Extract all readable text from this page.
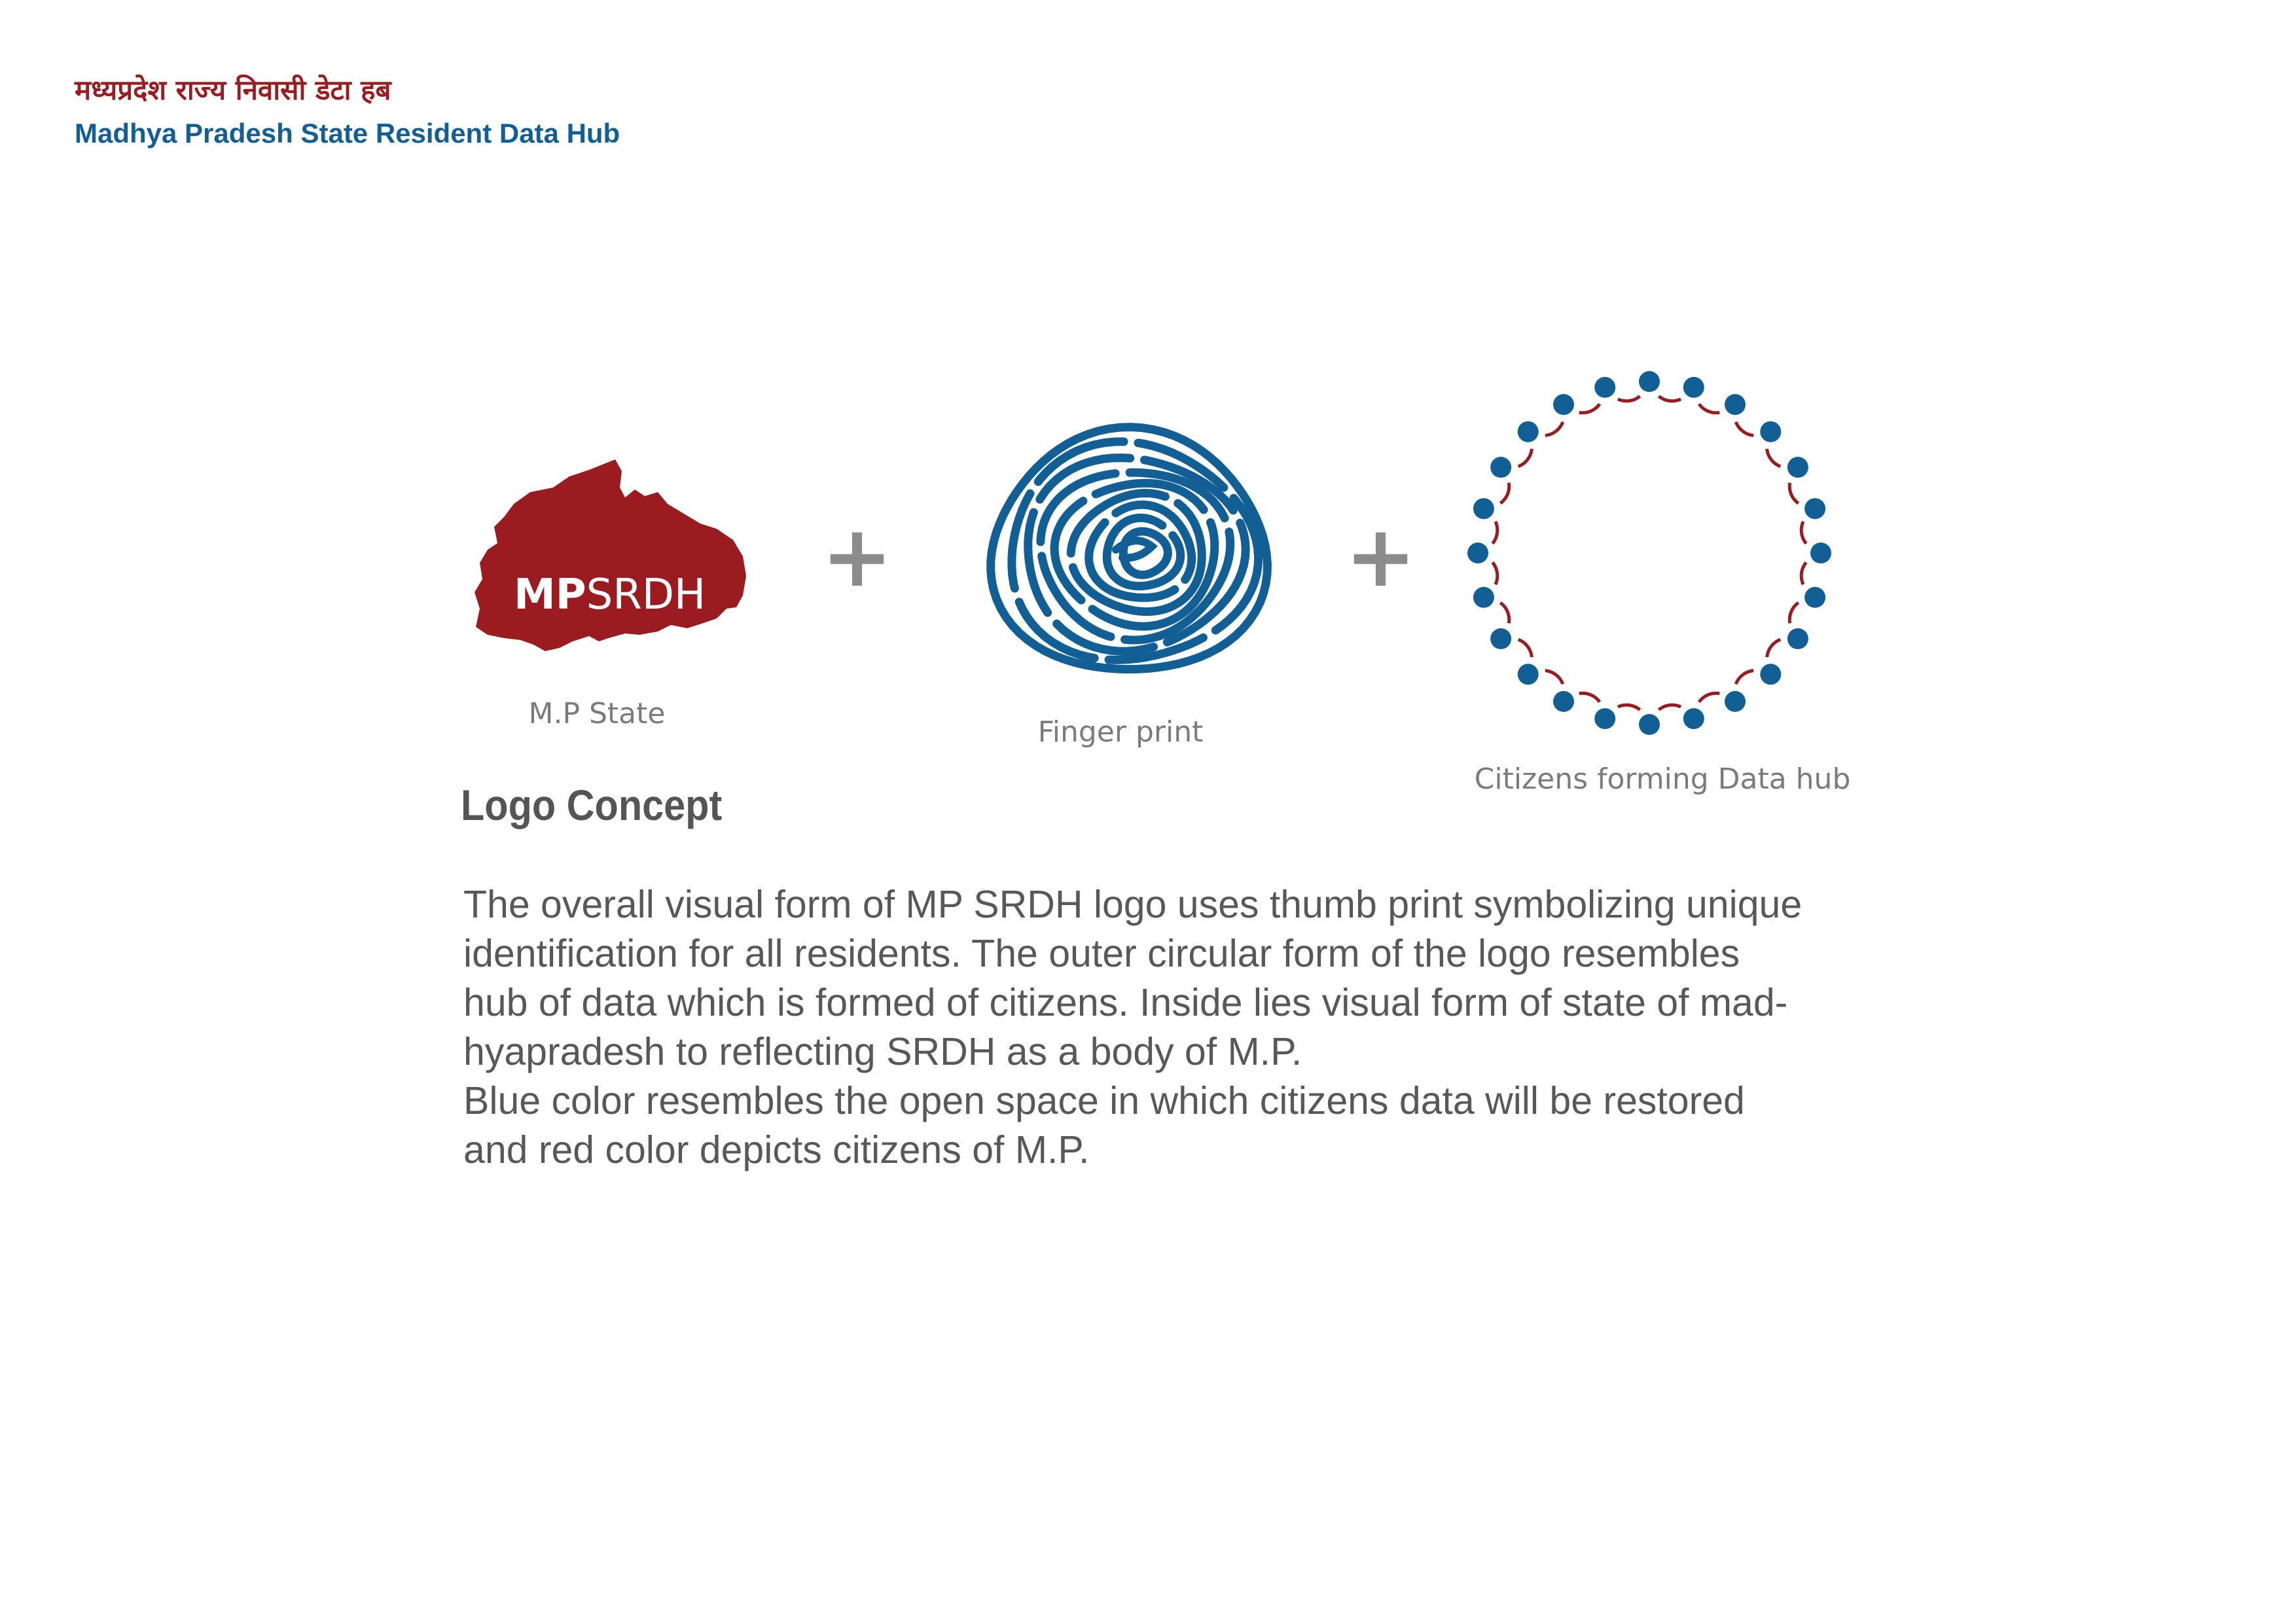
मध्यप्रदेश राज्य निवासी डेटा हब
Madhya Pradesh State Resident Data Hub
MPSRDH
M.P State
+
Finger print
+
Citizens forming Data hub
Logo Concept
The overall visual form of MP SRDH logo uses thumb print symbolizing unique
identification for all residents. The outer circular form of the logo resembles
hub of data which is formed of citizens. Inside lies visual form of state of mad-
hyapradesh to reflecting SRDH as a body of M.P.
Blue color resembles the open space in which citizens data will be restored
and red color depicts citizens of M.P.
